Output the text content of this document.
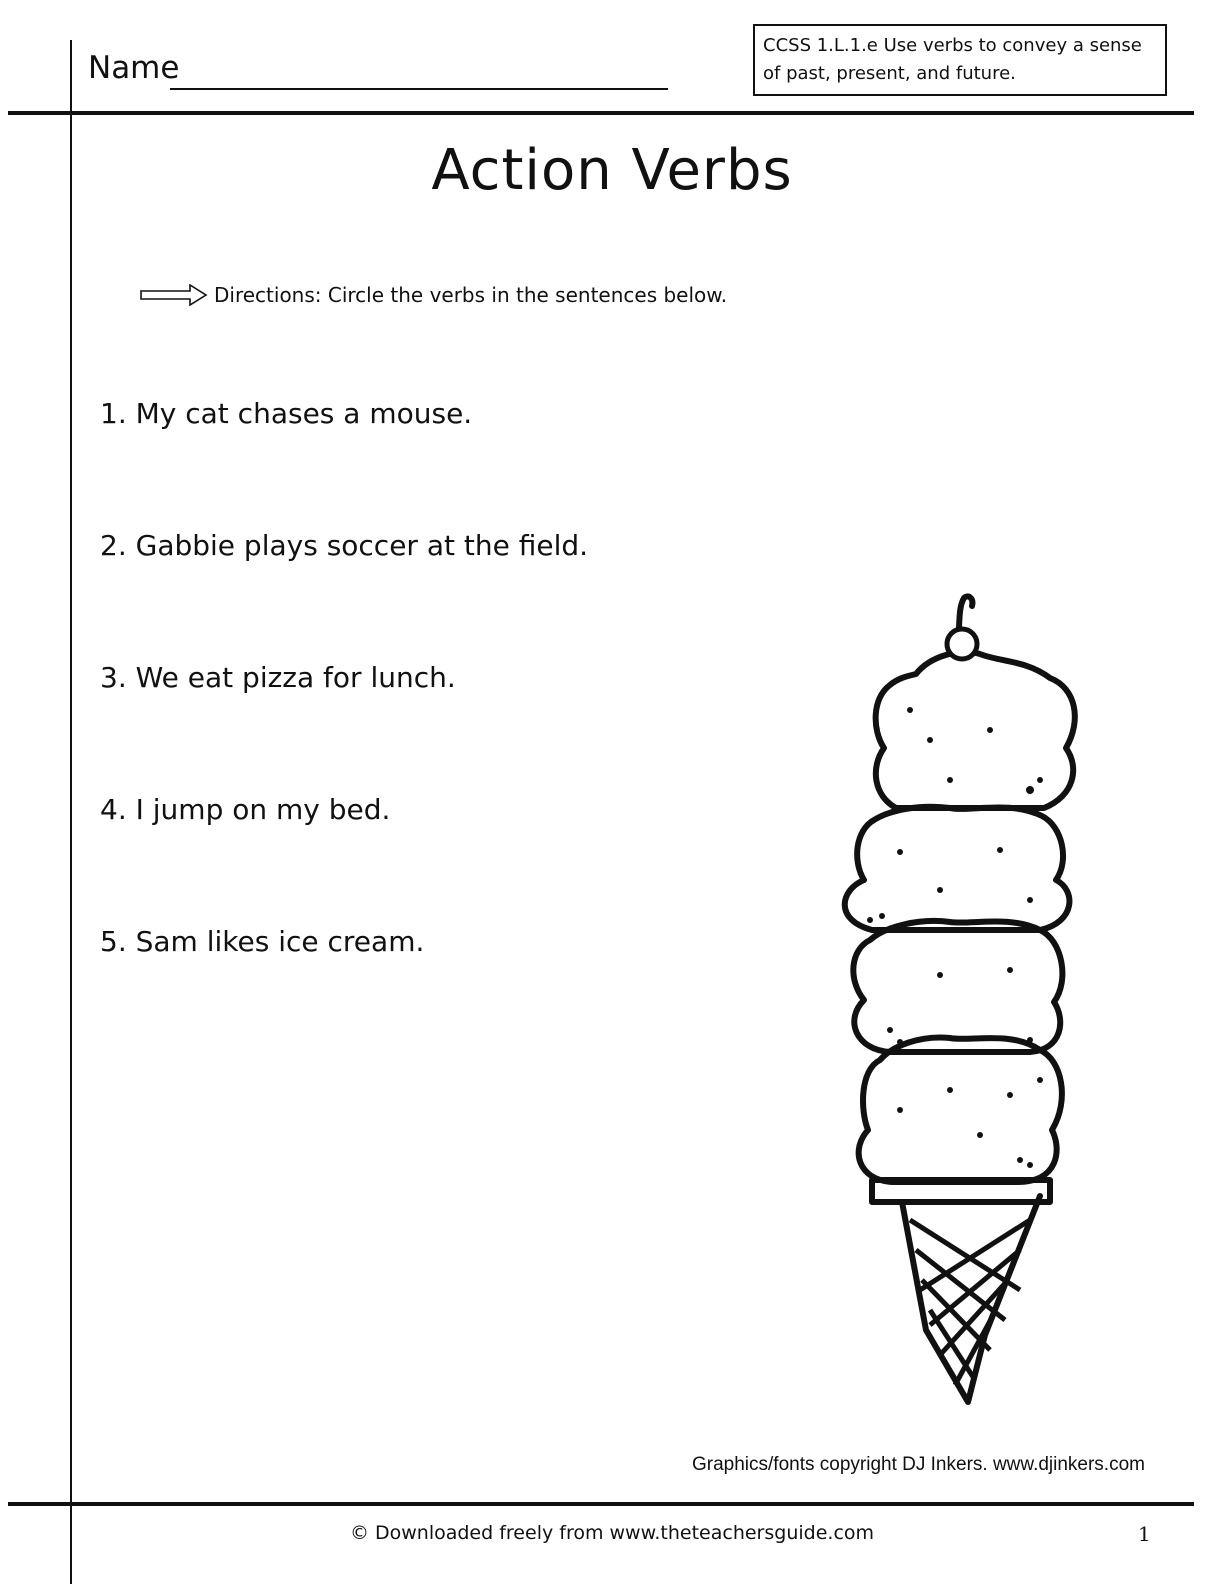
Name
CCSS 1.L.1.e Use verbs to convey a sense of past, present, and future.
Action Verbs
Directions: Circle the verbs in the sentences below.
1. My cat chases a mouse.
2. Gabbie plays soccer at the field.
3. We eat pizza for lunch.
4. I jump on my bed.
5. Sam likes ice cream.
Graphics/fonts copyright DJ Inkers. www.djinkers.com
© Downloaded freely from www.theteachersguide.com	1
